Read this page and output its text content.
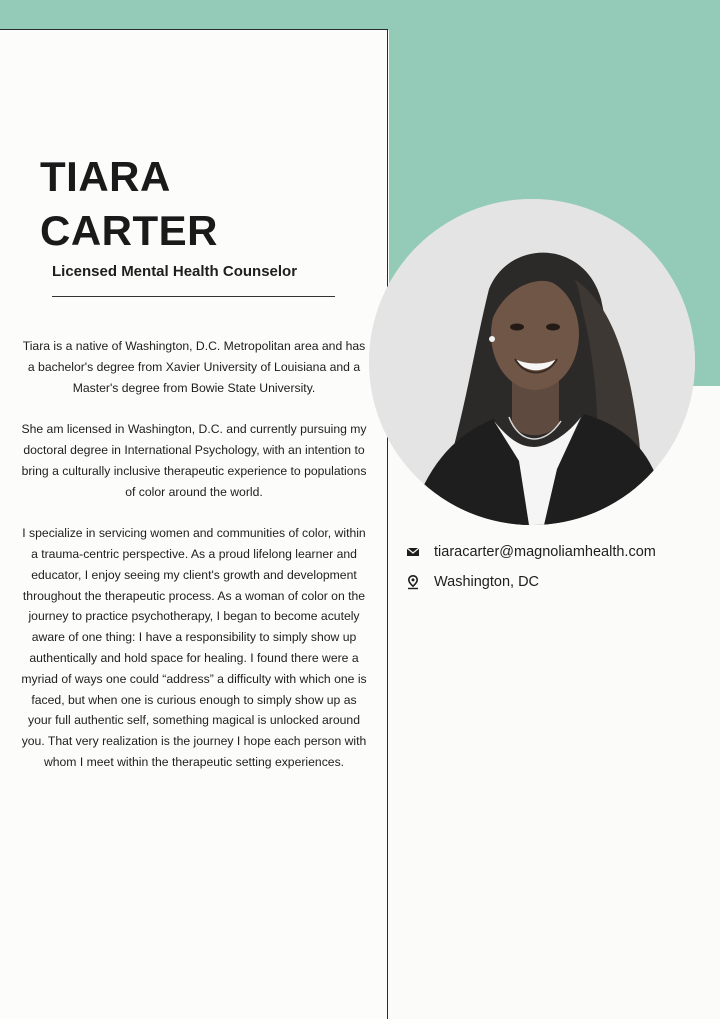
TIARA
CARTER
Licensed Mental Health Counselor

Tiara is a native of Washington, D.C. Metropolitan area and has a bachelor's degree from Xavier University of Louisiana and a Master's degree from Bowie State University.

She am licensed in Washington, D.C. and currently pursuing my doctoral degree in International Psychology, with an intention to bring a culturally inclusive therapeutic experience to populations of color around the world.

I specialize in servicing women and communities of color, within a trauma-centric perspective. As a proud lifelong learner and educator, I enjoy seeing my client's growth and development throughout the therapeutic process. As a woman of color on the journey to practice psychotherapy, I began to become acutely aware of one thing: I have a responsibility to simply show up authentically and hold space for healing. I found there were a myriad of ways one could “address” a difficulty with which one is faced, but when one is curious enough to simply show up as your full authentic self, something magical is unlocked around you. That very realization is the journey I hope each person with whom I meet within the therapeutic setting experiences.

tiaracarter@magnoliamhealth.com
Washington, DC
